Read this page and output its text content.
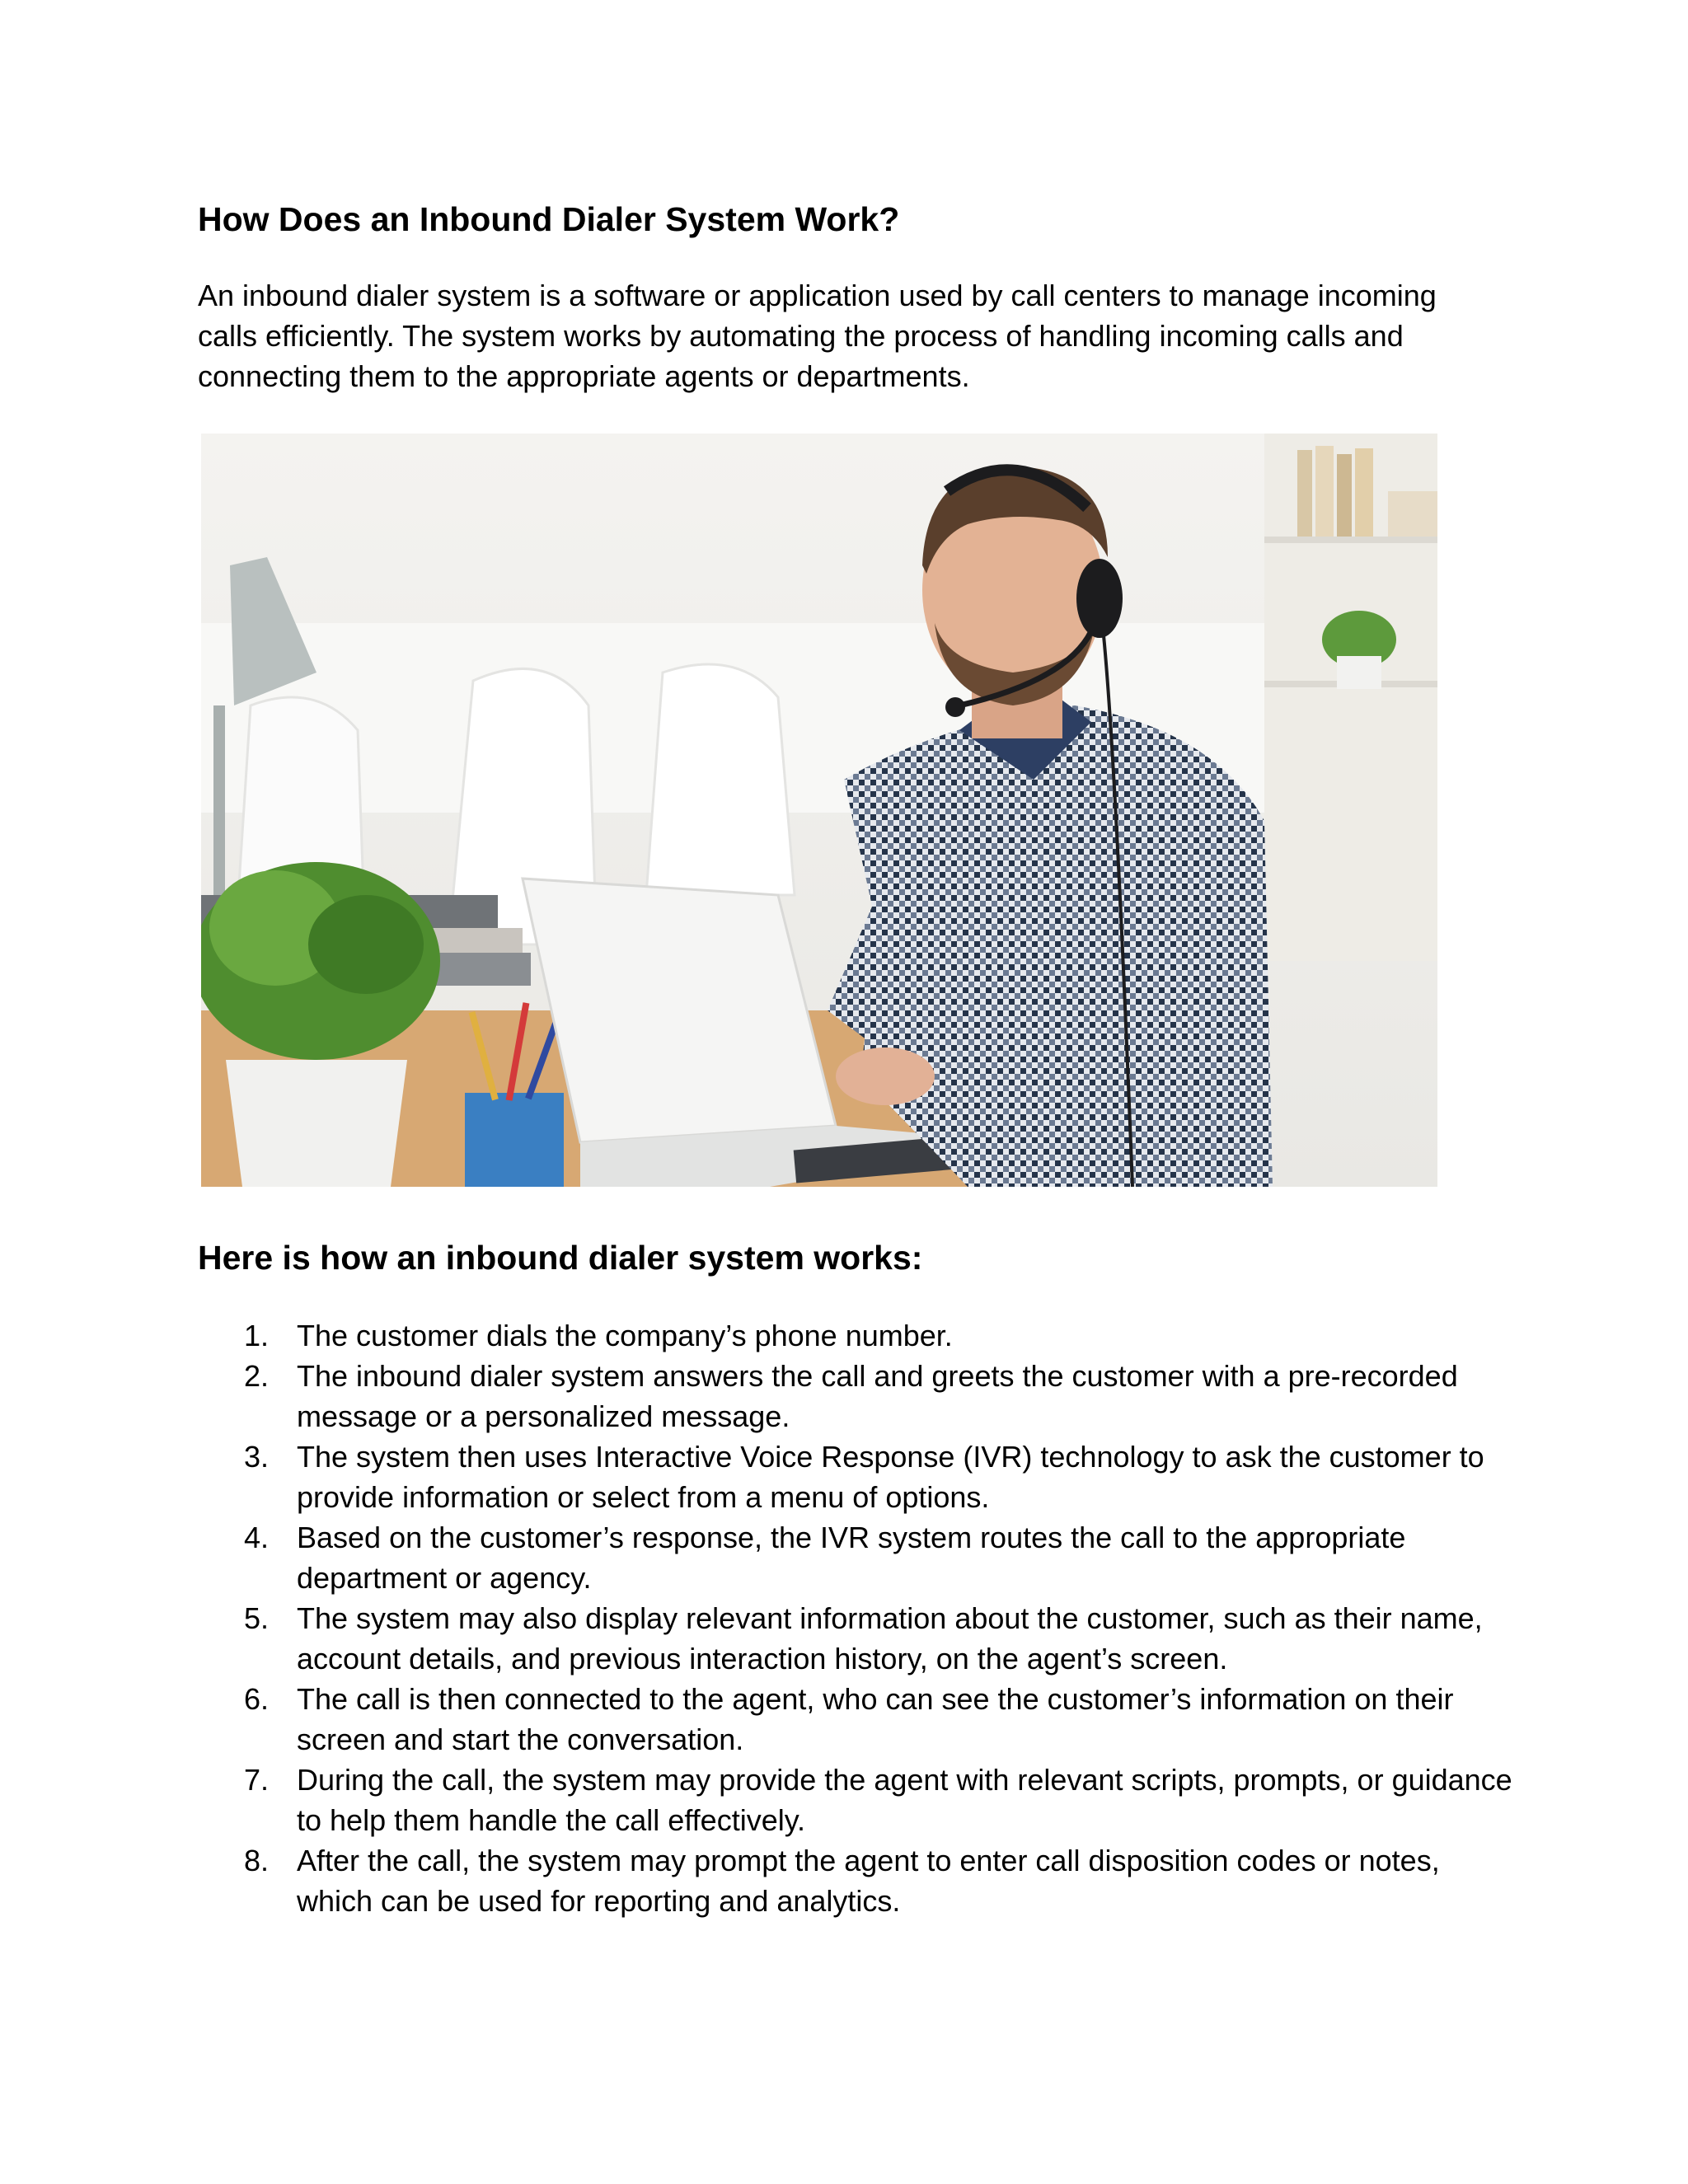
How Does an Inbound Dialer System Work?

An inbound dialer system is a software or application used by call centers to manage incoming calls efficiently. The system works by automating the process of handling incoming calls and connecting them to the appropriate agents or departments.

Here is how an inbound dialer system works:
1. The customer dials the company’s phone number.
2. The inbound dialer system answers the call and greets the customer with a pre-recorded message or a personalized message.
3. The system then uses Interactive Voice Response (IVR) technology to ask the customer to provide information or select from a menu of options.
4. Based on the customer’s response, the IVR system routes the call to the appropriate department or agency.
5. The system may also display relevant information about the customer, such as their name, account details, and previous interaction history, on the agent’s screen.
6. The call is then connected to the agent, who can see the customer’s information on their screen and start the conversation.
7. During the call, the system may provide the agent with relevant scripts, prompts, or guidance to help them handle the call effectively.
8. After the call, the system may prompt the agent to enter call disposition codes or notes, which can be used for reporting and analytics.
